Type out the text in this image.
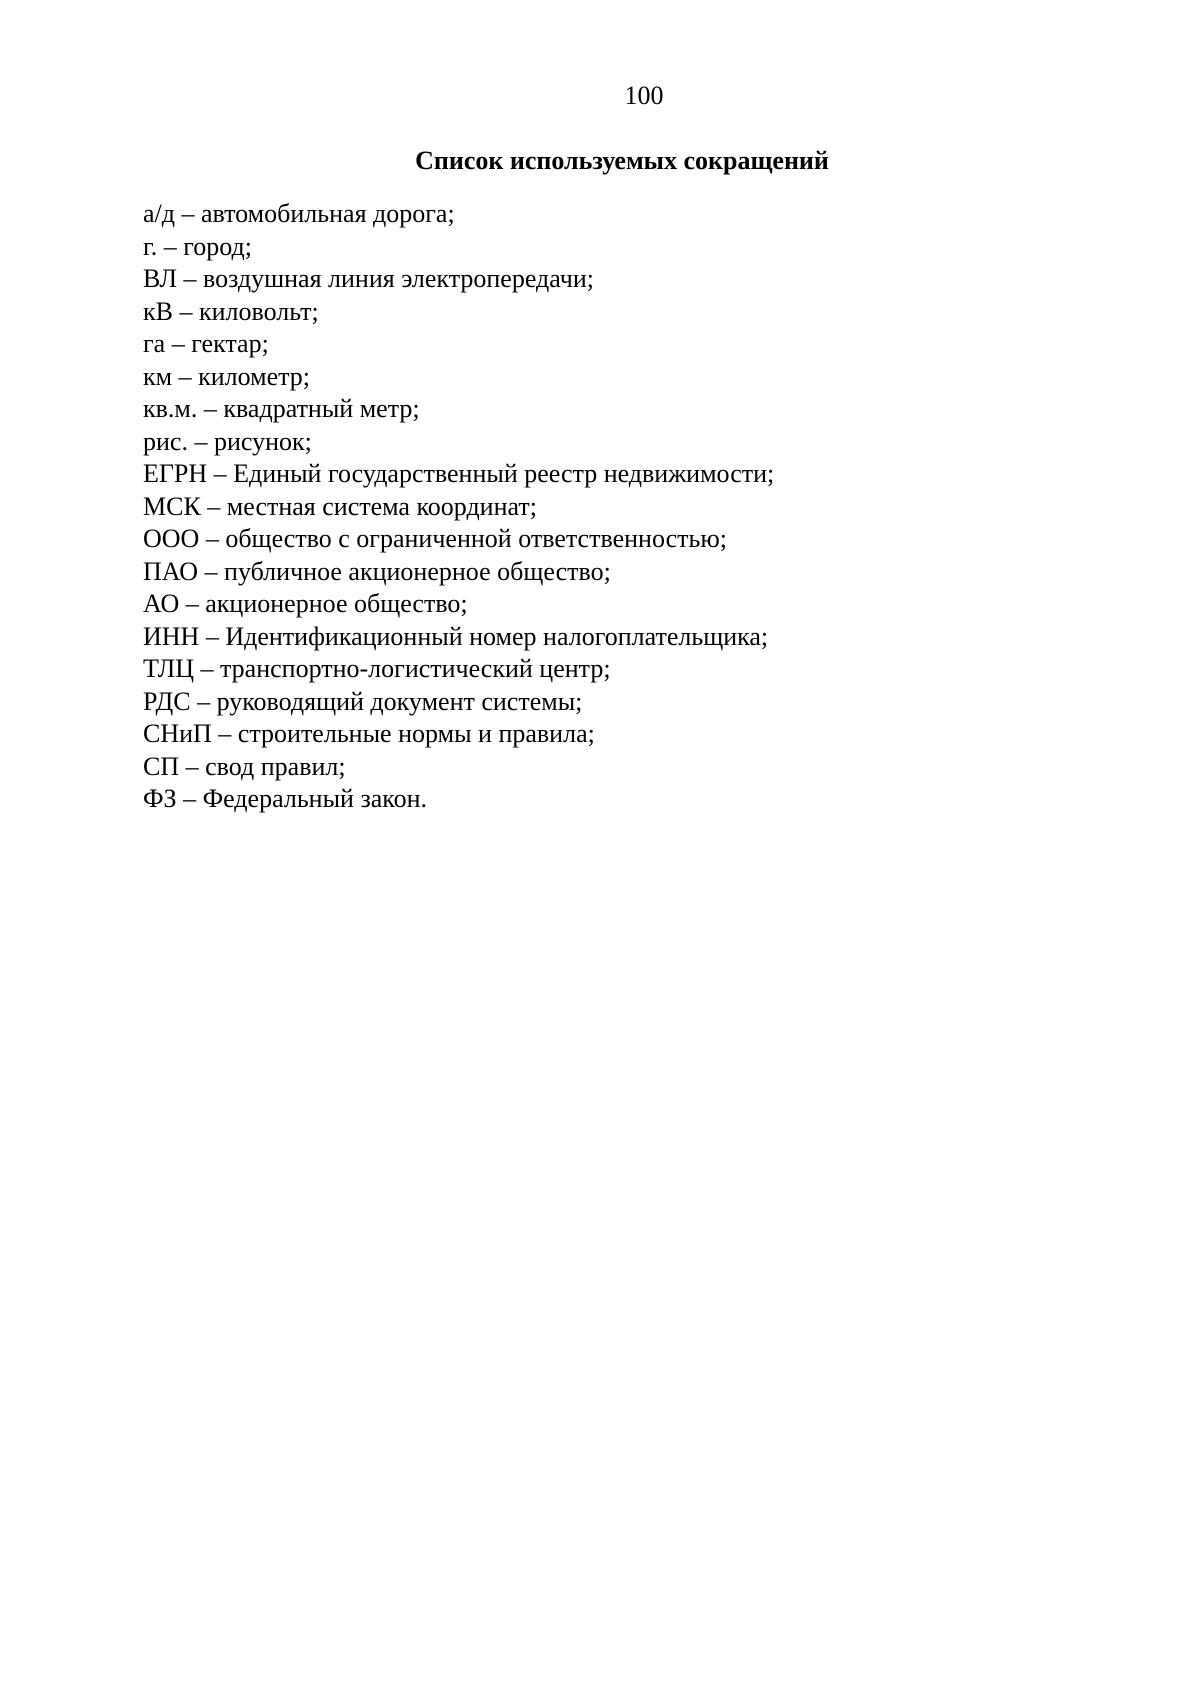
100
Список используемых сокращений
а/д – автомобильная дорога;
г. – город;
ВЛ – воздушная линия электропередачи;
кВ – киловольт;
га – гектар;
км – километр;
кв.м. – квадратный метр;
рис. – рисунок;
ЕГРН – Единый государственный реестр недвижимости;
МСК – местная система координат;
ООО – общество с ограниченной ответственностью;
ПАО – публичное акционерное общество;
АО – акционерное общество;
ИНН – Идентификационный номер налогоплательщика;
ТЛЦ – транспортно-логистический центр;
РДС – руководящий документ системы;
СНиП – строительные нормы и правила;
СП – свод правил;
ФЗ – Федеральный закон.
